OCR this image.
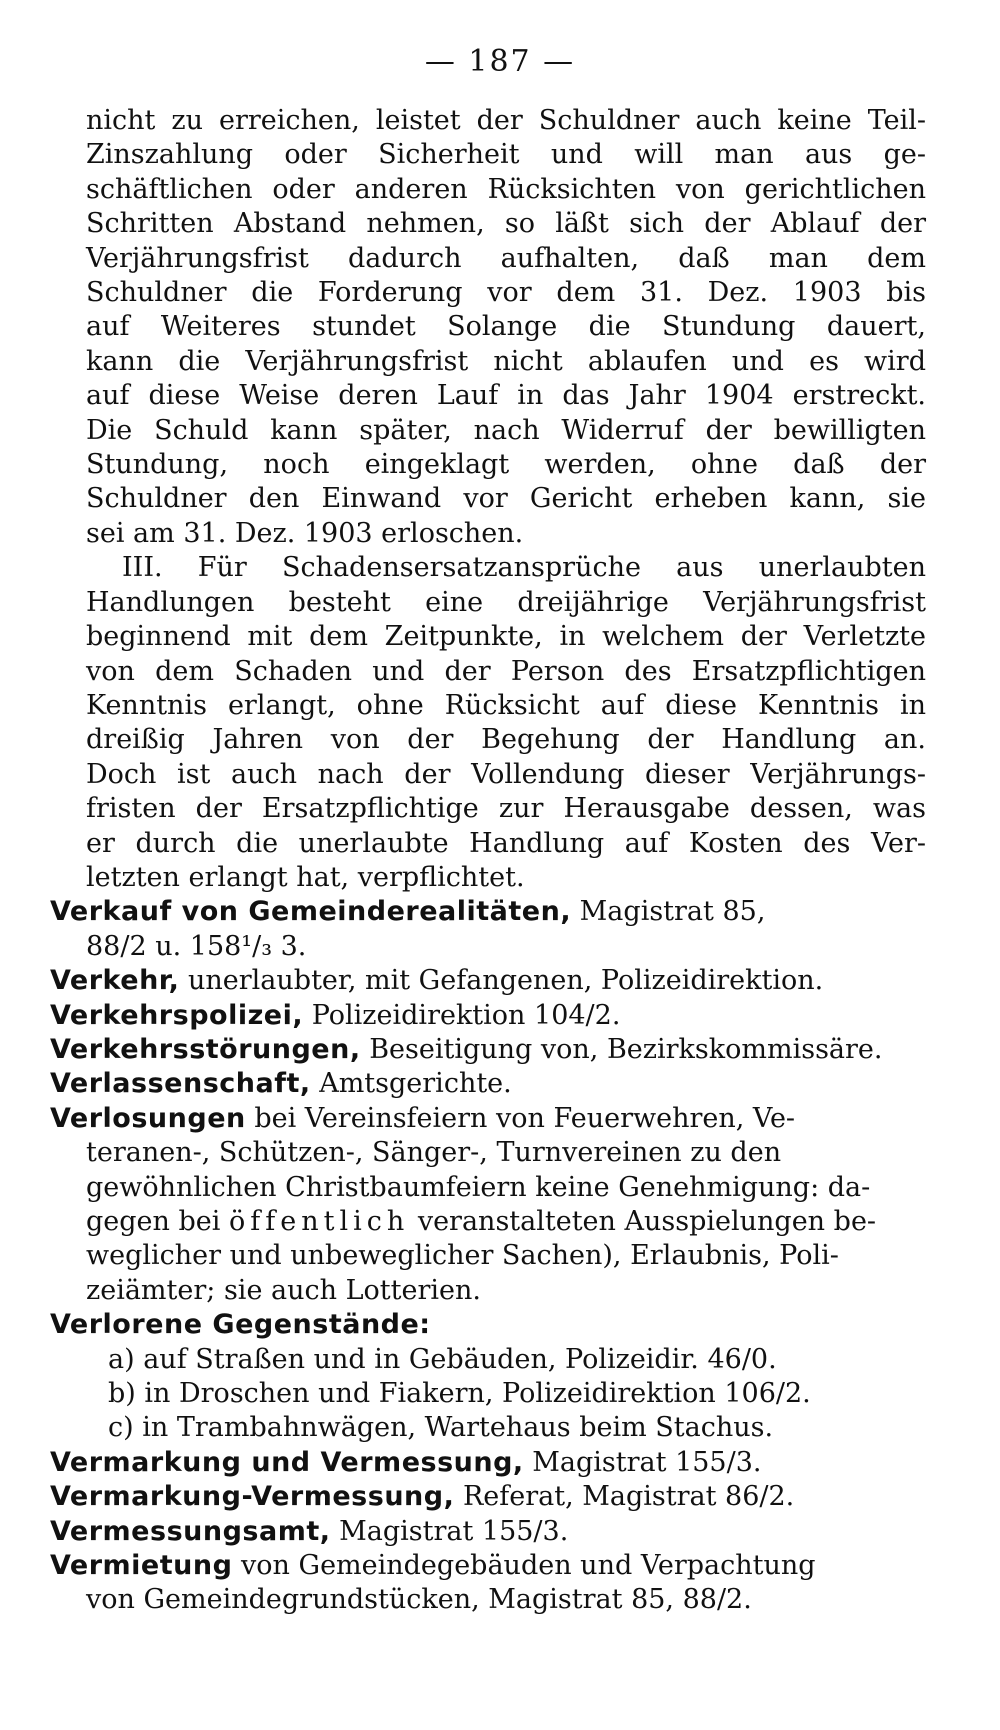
— 187 —
nicht zu erreichen, leistet der Schuldner auch keine Teil-
Zinszahlung oder Sicherheit und will man aus ge-
schäftlichen oder anderen Rücksichten von gerichtlichen
Schritten Abstand nehmen, so läßt sich der Ablauf der
Verjährungsfrist dadurch aufhalten, daß man dem
Schuldner die Forderung vor dem 31. Dez. 1903 bis
auf Weiteres stundet Solange die Stundung dauert,
kann die Verjährungsfrist nicht ablaufen und es wird
auf diese Weise deren Lauf in das Jahr 1904 erstreckt.
Die Schuld kann später, nach Widerruf der bewilligten
Stundung, noch eingeklagt werden, ohne daß der
Schuldner den Einwand vor Gericht erheben kann, sie
sei am 31. Dez. 1903 erloschen.
III. Für Schadensersatzansprüche aus unerlaubten
Handlungen besteht eine dreijährige Verjährungsfrist
beginnend mit dem Zeitpunkte, in welchem der Verletzte
von dem Schaden und der Person des Ersatzpflichtigen
Kenntnis erlangt, ohne Rücksicht auf diese Kenntnis in
dreißig Jahren von der Begehung der Handlung an.
Doch ist auch nach der Vollendung dieser Verjährungs-
fristen der Ersatzpflichtige zur Herausgabe dessen, was
er durch die unerlaubte Handlung auf Kosten des Ver-
letzten erlangt hat, verpflichtet.
Verkauf von Gemeinderealitäten, Magistrat 85,
88/2 u. 158¹/₃ 3.
Verkehr, unerlaubter, mit Gefangenen, Polizeidirektion.
Verkehrspolizei, Polizeidirektion 104/2.
Verkehrsstörungen, Beseitigung von, Bezirkskommissäre.
Verlassenschaft, Amtsgerichte.
Verlosungen bei Vereinsfeiern von Feuerwehren, Ve-
teranen-, Schützen-, Sänger-, Turnvereinen zu den
gewöhnlichen Christbaumfeiern keine Genehmigung: da-
gegen bei öffentlich veranstalteten Ausspielungen be-
weglicher und unbeweglicher Sachen), Erlaubnis, Poli-
zeiämter; sie auch Lotterien.
Verlorene Gegenstände:
a) auf Straßen und in Gebäuden, Polizeidir. 46/0.
b) in Droschen und Fiakern, Polizeidirektion 106/2.
c) in Trambahnwägen, Wartehaus beim Stachus.
Vermarkung und Vermessung, Magistrat 155/3.
Vermarkung-Vermessung, Referat, Magistrat 86/2.
Vermessungsamt, Magistrat 155/3.
Vermietung von Gemeindegebäuden und Verpachtung
von Gemeindegrundstücken, Magistrat 85, 88/2.
